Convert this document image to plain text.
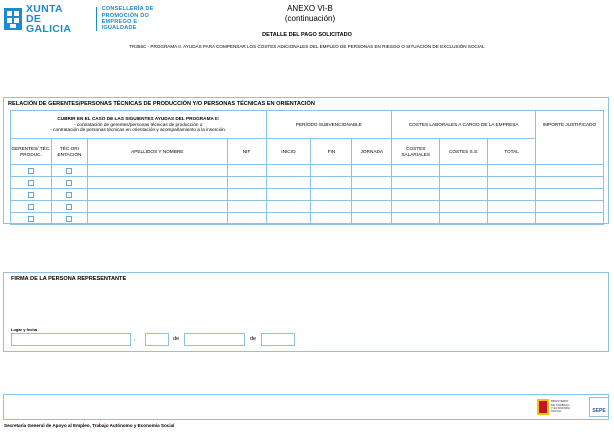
XUNTA
DE GALICIA
CONSELLERÍA DE
PROMOCIÓN DO
EMPREGO E IGUALDADE
ANEXO VI-B
(continuación)
DETALLE DEL PAGO SOLICITADO
TR356C - PROGRAMA II. AYUDAS PARA COMPENSAR LOS COSTES ADICIONALES DEL EMPLEO DE PERSONAS EN RIESGO O SITUACIÓN DE EXCLUSIÓN SOCIAL
RELACIÓN DE GERENTES/PERSONAS TÉCNICAS DE PRODUCCIÓN Y/O PERSONAS TÉCNICAS EN ORIENTACIÓN
CUBRIR EN EL CASO DE LAS SIGUIENTES AYUDAS DEL PROGRAMA II:
- contratación de gerentes/personas técnicas de producción o
- contratación de personas técnicas en orientación y acompañamiento a la inserción.				PERÍODO SUBVENCIONABLE			COSTES LABORALES A CARGO DE LA EMPRESA			IMPORTE JUSTIFICADO
GERENTES/ TÉC. PRODUC.	TÉC.ORI ENTACIÓN	APELLIDOS Y NOMBRE	NIF	INICIO	FIN	JORNADA	COSTES SALARIALES	COSTES S.S.	TOTAL	

FIRMA DE LA PERSONA REPRESENTANTE
Lugar y fecha
,	de	de
MINISTERIO
DE TRABAJO
Y ECONOMÍA SOCIAL	SEPE
Secretaría General de Apoyo al Empleo, Trabajo Autónomo y Economía Social
